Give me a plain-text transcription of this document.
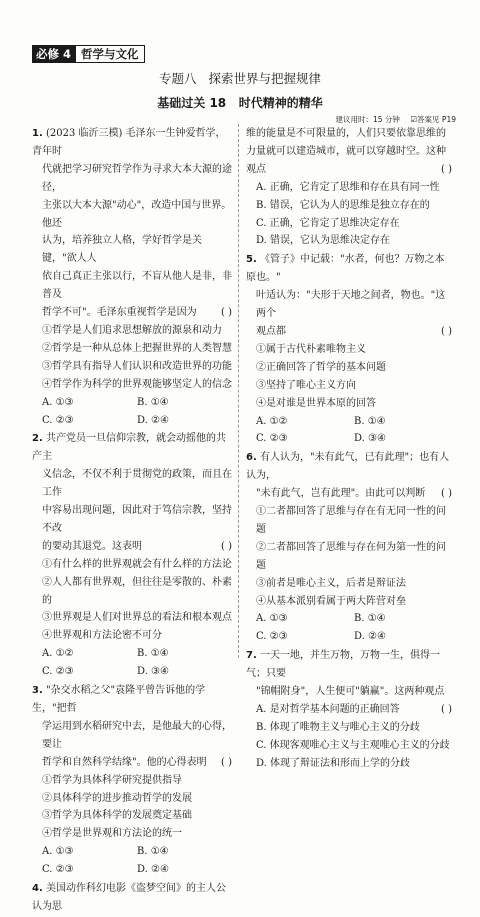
必修 4 哲学与文化
专题八 探索世界与把握规律
基础过关 18 时代精神的精华
建议用时：15 分钟 ☑答案见 P19
1. (2023 临沂三模) 毛泽东一生钟爱哲学，青年时
代就把学习研究哲学作为寻求大本大源的途径，
主张以大本大源"动心"，改造中国与世界。他还
认为，培养独立人格，学好哲学是关键，"欲人人
依自己真正主张以行，不盲从他人是非，非普及
哲学不可"。毛泽东重视哲学是因为 ( )
①哲学是人们追求思想解放的源泉和动力
②哲学是一种从总体上把握世界的人类智慧
③哲学具有指导人们认识和改造世界的功能
④哲学作为科学的世界观能够坚定人的信念
A. ①③	B. ①④
C. ②③	D. ②④
2. 共产党员一旦信仰宗教，就会动摇他的共产主
义信念，不仅不利于贯彻党的政策，而且在工作
中容易出现问题，因此对于笃信宗教，坚持不改
的要动其退党。这表明	( )
①有什么样的世界观就会有什么样的方法论
②人人都有世界观，但往往是零散的、朴素的
③世界观是人们对世界总的看法和根本观点
④世界观和方法论密不可分
A. ①②	B. ①④
C. ②③	D. ③④
3. "杂交水稻之父"袁隆平曾告诉他的学生，"把哲
学运用到水稻研究中去，是他最大的心得，要让
哲学和自然科学结缘"。他的心得表明 ( )
①哲学为具体科学研究提供指导
②具体科学的进步推动哲学的发展
③哲学为具体科学的发展奠定基础
④哲学是世界观和方法论的统一
A. ①③	B. ①④
C. ②③	D. ②④
4. 美国动作科幻电影《盗梦空间》的主人公认为思
维的能量是不可限量的，人们只要依靠思维的
力量就可以建造城市，就可以穿越时空。这种
观点	( )
A. 正确，它肯定了思维和存在具有同一性
B. 错误，它认为人的思维是独立存在的
C. 正确，它肯定了思维决定存在
D. 错误，它认为思维决定存在
5. 《管子》中记载："水者，何也？万物之本原也。"
叶适认为："夫形于天地之间者，物也。"这两个
观点都	( )
①属于古代朴素唯物主义
②正确回答了哲学的基本问题
③坚持了唯心主义方向
④是对谁是世界本原的回答
A. ①②	B. ①④
C. ②③	D. ③④
6. 有人认为，"未有此气，已有此理"；也有人认为，
"未有此气，岂有此理"。由此可以判断 ( )
①二者都回答了思维与存在有无同一性的问题
②二者都回答了思维与存在何为第一性的问题
③前者是唯心主义，后者是辩证法
④从基本派别看属于两大阵营对垒
A. ①③	B. ①④
C. ②③	D. ②④
7. 一天一地，并生万物，万物一生，俱得一气；只要
"锦帽附身"，人生便可"躺赢"。这两种观点
( )
A. 是对哲学基本问题的正确回答
B. 体现了唯物主义与唯心主义的分歧
C. 体现客观唯心主义与主观唯心主义的分歧
D. 体现了辩证法和形而上学的分歧
